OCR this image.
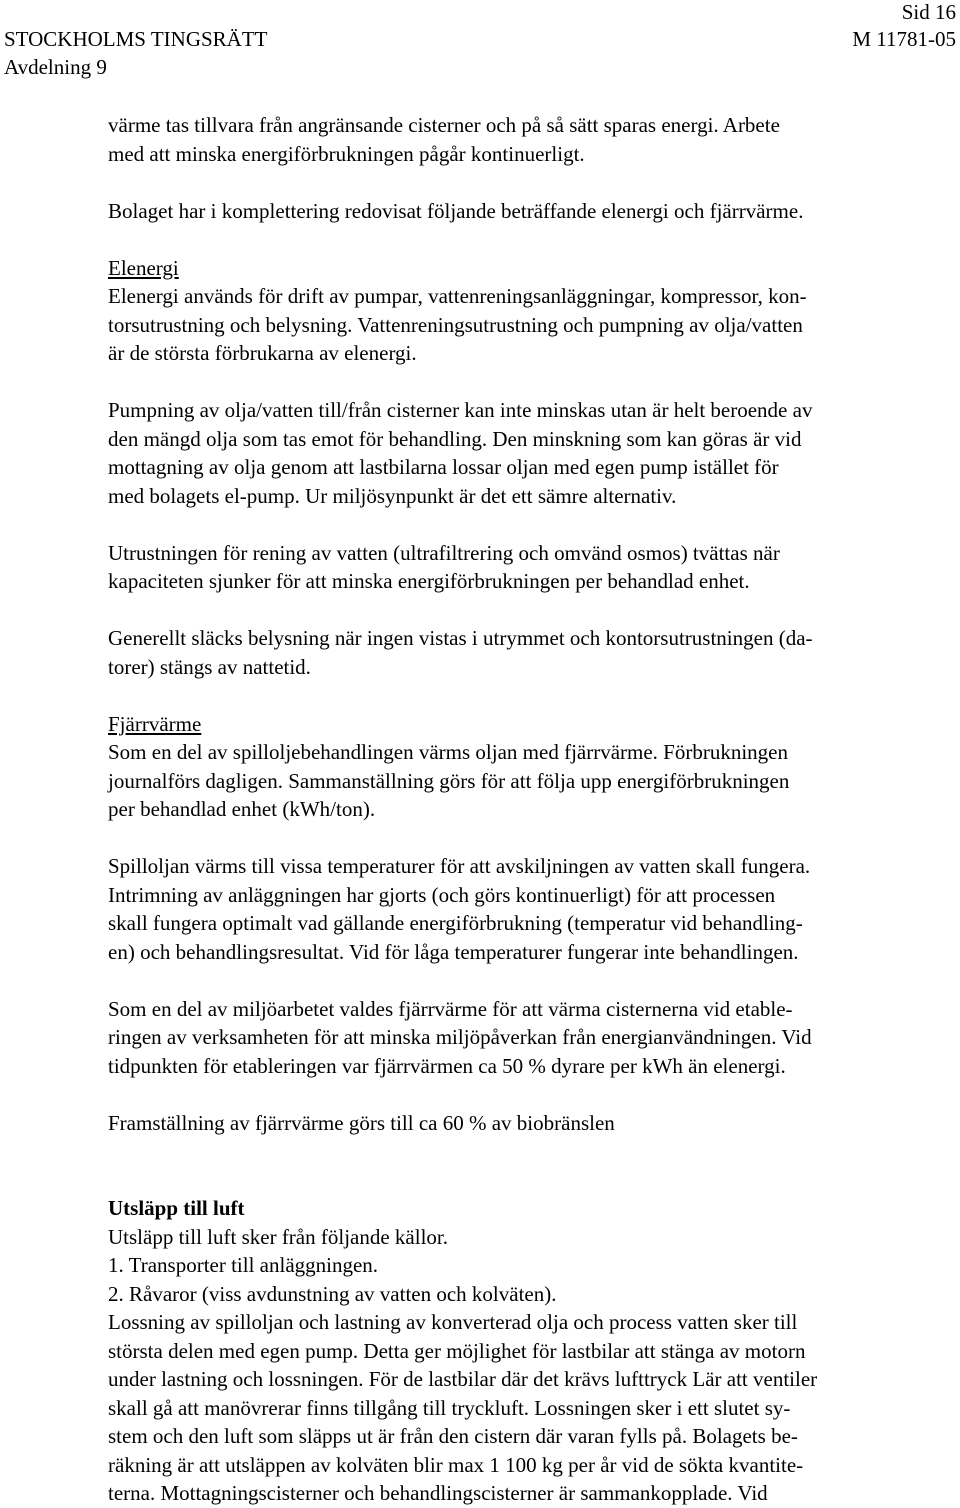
Sid 16
STOCKHOLMS TINGSRÄTT	M 11781-05
Avdelning 9

värme tas tillvara från angränsande cisterner och på så sätt sparas energi. Arbete
med att minska energiförbrukningen pågår kontinuerligt.

Bolaget har i komplettering redovisat följande beträffande elenergi och fjärrvärme.

Elenergi
Elenergi används för drift av pumpar, vattenreningsanläggningar, kompressor, kon-
torsutrustning och belysning. Vattenreningsutrustning och pumpning av olja/vatten
är de största förbrukarna av elenergi.

Pumpning av olja/vatten till/från cisterner kan inte minskas utan är helt beroende av
den mängd olja som tas emot för behandling. Den minskning som kan göras är vid
mottagning av olja genom att lastbilarna lossar oljan med egen pump istället för
med bolagets el-pump. Ur miljösynpunkt är det ett sämre alternativ.

Utrustningen för rening av vatten (ultrafiltrering och omvänd osmos) tvättas när
kapaciteten sjunker för att minska energiförbrukningen per behandlad enhet.

Generellt släcks belysning när ingen vistas i utrymmet och kontorsutrustningen (da-
torer) stängs av nattetid.

Fjärrvärme
Som en del av spilloljebehandlingen värms oljan med fjärrvärme. Förbrukningen
journalförs dagligen. Sammanställning görs för att följa upp energiförbrukningen
per behandlad enhet (kWh/ton).

Spilloljan värms till vissa temperaturer för att avskiljningen av vatten skall fungera.
Intrimning av anläggningen har gjorts (och görs kontinuerligt) för att processen
skall fungera optimalt vad gällande energiförbrukning (temperatur vid behandling-
en) och behandlingsresultat. Vid för låga temperaturer fungerar inte behandlingen.

Som en del av miljöarbetet valdes fjärrvärme för att värma cisternerna vid etable-
ringen av verksamheten för att minska miljöpåverkan från energianvändningen. Vid
tidpunkten för etableringen var fjärrvärmen ca 50 % dyrare per kWh än elenergi.

Framställning av fjärrvärme görs till ca 60 % av biobränslen

Utsläpp till luft
Utsläpp till luft sker från följande källor.
1. Transporter till anläggningen.
2. Råvaror (viss avdunstning av vatten och kolväten).
Lossning av spilloljan och lastning av konverterad olja och process vatten sker till
största delen med egen pump. Detta ger möjlighet för lastbilar att stänga av motorn
under lastning och lossningen. För de lastbilar där det krävs lufttryck Lär att ventiler
skall gå att manövrerar finns tillgång till tryckluft. Lossningen sker i ett slutet sy-
stem och den luft som släpps ut är från den cistern där varan fylls på. Bolagets be-
räkning är att utsläppen av kolväten blir max 1 100 kg per år vid de sökta kvantite-
terna. Mottagningscisterner och behandlingscisterner är sammankopplade. Vid
